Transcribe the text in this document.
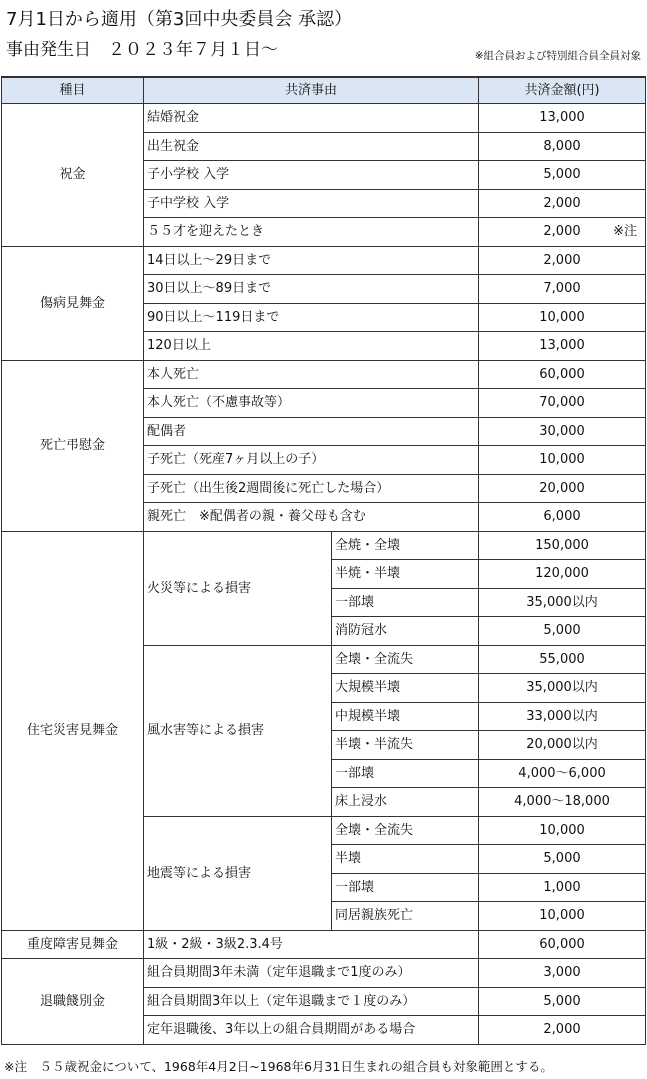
7月1日から適用（第3回中央委員会 承認）
事由発生日　２０２３年７月１日～	※組合員および特別組合員全員対象
種目	共済事由		共済金額(円)
祝金	結婚祝金		13,000
	出生祝金		8,000
	子小学校 入学		5,000
	子中学校 入学		2,000
	５５才を迎えたとき		2,000 ※注

傷病見舞金	14日以上～29日まで		2,000
	30日以上～89日まで		7,000
	90日以上～119日まで		10,000
	120日以上		13,000
死亡弔慰金	本人死亡		60,000
	本人死亡（不慮事故等）		70,000
	配偶者		30,000
	子死亡（死産7ヶ月以上の子）		10,000
	子死亡（出生後2週間後に死亡した場合）		20,000
	親死亡　※配偶者の親・養父母も含む		6,000
住宅災害見舞金	火災等による損害	全焼・全壊	150,000
		半焼・半壊	120,000
		一部壊	35,000以内
		消防冠水	5,000
	風水害等による損害	全壊・全流失	55,000
		大規模半壊	35,000以内
		中規模半壊	33,000以内
		半壊・半流失	20,000以内
		一部壊	4,000～6,000
		床上浸水	4,000～18,000
	地震等による損害	全壊・全流失	10,000
		半壊	5,000
		一部壊	1,000
		同居親族死亡	10,000
重度障害見舞金	1級・2級・3級2.3.4号		60,000
退職餞別金	組合員期間3年未満（定年退職まで1度のみ）		3,000
	組合員期間3年以上（定年退職まで１度のみ）		5,000
	定年退職後、3年以上の組合員期間がある場合		2,000
※注　５５歳祝金について、1968年4月2日~1968年6月31日生まれの組合員も対象範囲とする。
